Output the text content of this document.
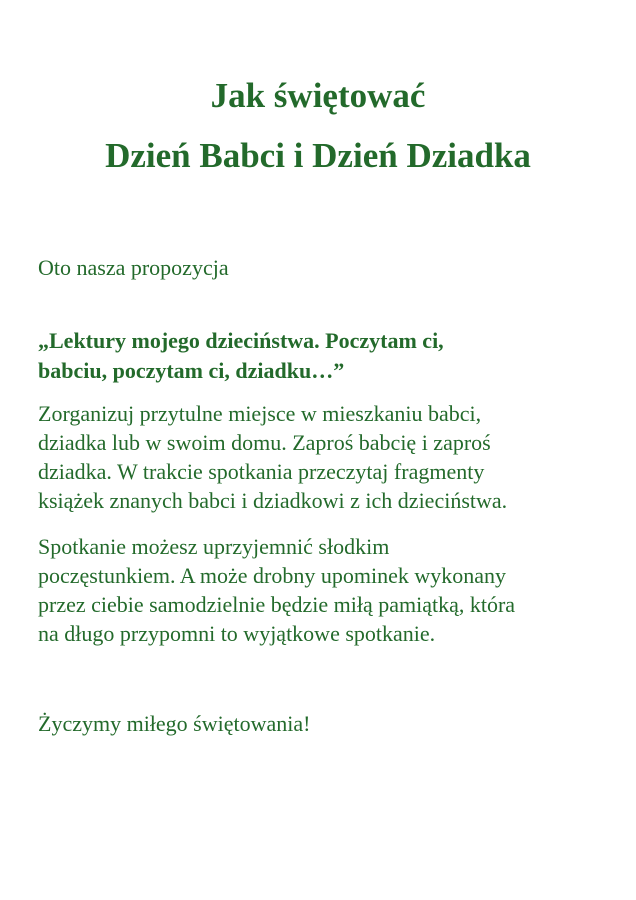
Jak świętować
Dzień Babci i Dzień Dziadka

Oto nasza propozycja

„Lektury mojego dzieciństwa. Poczytam ci,
babciu, poczytam ci, dziadku…”

Zorganizuj przytulne miejsce w mieszkaniu babci,
dziadka lub w swoim domu. Zaproś babcię i zaproś
dziadka. W trakcie spotkania przeczytaj fragmenty
książek znanych babci i dziadkowi z ich dzieciństwa.

Spotkanie możesz uprzyjemnić słodkim
poczęstunkiem. A może drobny upominek wykonany
przez ciebie samodzielnie będzie miłą pamiątką, która
na długo przypomni to wyjątkowe spotkanie.

Życzymy miłego świętowania!
